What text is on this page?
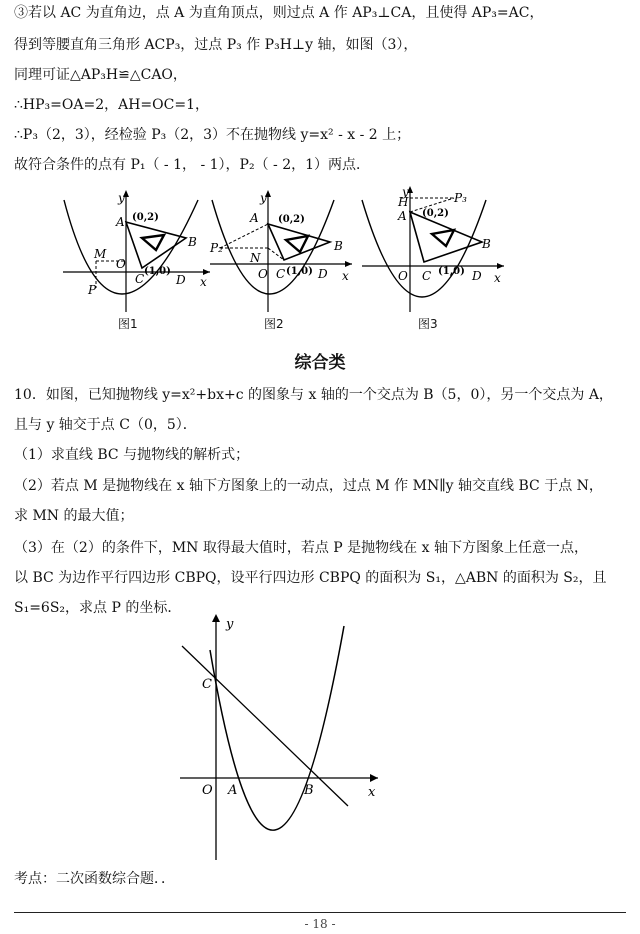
③若以 AC 为直角边，点 A 为直角顶点，则过点 A 作 AP₃⊥CA，且使得 AP₃=AC，
得到等腰直角三角形 ACP₃，过点 P₃ 作 P₃H⊥y 轴，如图（3），
同理可证△AP₃H≌△CAO，
∴HP₃=OA=2，AH=OC=1，
∴P₃（2，3），经检验 P₃（2，3）不在抛物线 y=x² - x - 2 上；
故符合条件的点有 P₁（ - 1， - 1），P₂（ - 2，1）两点．
y
x
A
B
C
O
M
P
D
(0,2)
(1,0)
图1
y
x
A
B
C
O
N
P₂
D
(0,2)
(1,0)
图2
y
x
A
B
C
O
H	P₃
D
(0,2)
(1,0)
图3
综合类
10．如图，已知抛物线 y=x²+bx+c 的图象与 x 轴的一个交点为 B（5，0），另一个交点为 A，
且与 y 轴交于点 C（0，5）．
（1）求直线 BC 与抛物线的解析式；
（2）若点 M 是抛物线在 x 轴下方图象上的一动点，过点 M 作 MN∥y 轴交直线 BC 于点 N，
求 MN 的最大值；
（3）在（2）的条件下，MN 取得最大值时，若点 P 是抛物线在 x 轴下方图象上任意一点，
以 BC 为边作平行四边形 CBPQ，设平行四边形 CBPQ 的面积为 S₁，△ABN 的面积为 S₂，且
S₁=6S₂，求点 P 的坐标．
y
x
C
O A	B
考点：二次函数综合题．．
- 18 -
